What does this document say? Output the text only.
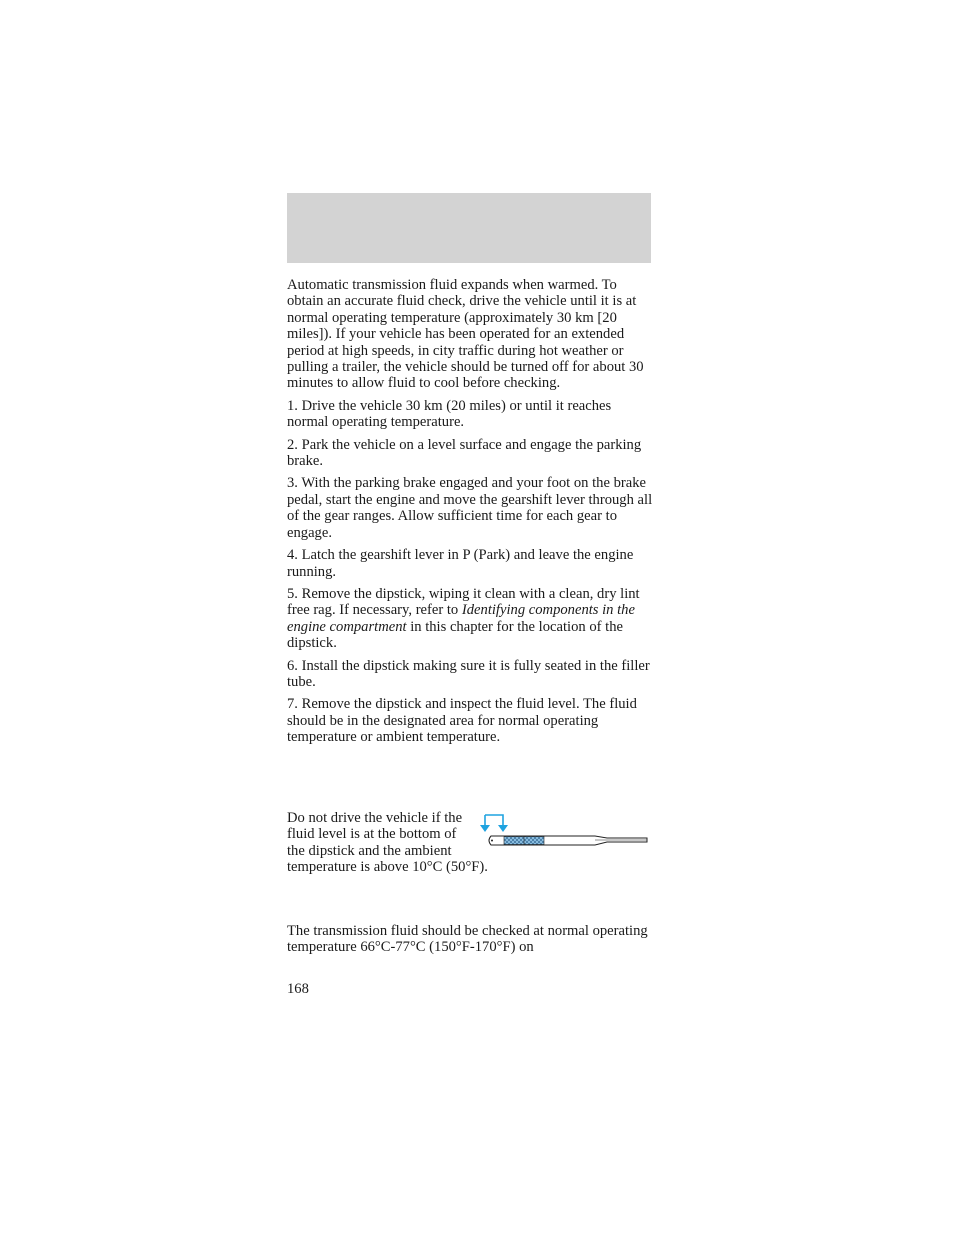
Automatic transmission fluid expands when warmed. To obtain an accurate fluid check, drive the vehicle until it is at normal operating temperature (approximately 30 km [20 miles]). If your vehicle has been operated for an extended period at high speeds, in city traffic during hot weather or pulling a trailer, the vehicle should be turned off for about 30 minutes to allow fluid to cool before checking.

1. Drive the vehicle 30 km (20 miles) or until it reaches normal operating temperature.

2. Park the vehicle on a level surface and engage the parking brake.

3. With the parking brake engaged and your foot on the brake pedal, start the engine and move the gearshift lever through all of the gear ranges. Allow sufficient time for each gear to engage.

4. Latch the gearshift lever in P (Park) and leave the engine running.

5. Remove the dipstick, wiping it clean with a clean, dry lint free rag. If necessary, refer to Identifying components in the engine compartment in this chapter for the location of the dipstick.

6. Install the dipstick making sure it is fully seated in the filler tube.

7. Remove the dipstick and inspect the fluid level. The fluid should be in the designated area for normal operating temperature or ambient temperature.

Do not drive the vehicle if the fluid level is at the bottom of the dipstick and the ambient temperature is above 10°C (50°F).

The transmission fluid should be checked at normal operating temperature 66°C-77°C (150°F-170°F) on

168
